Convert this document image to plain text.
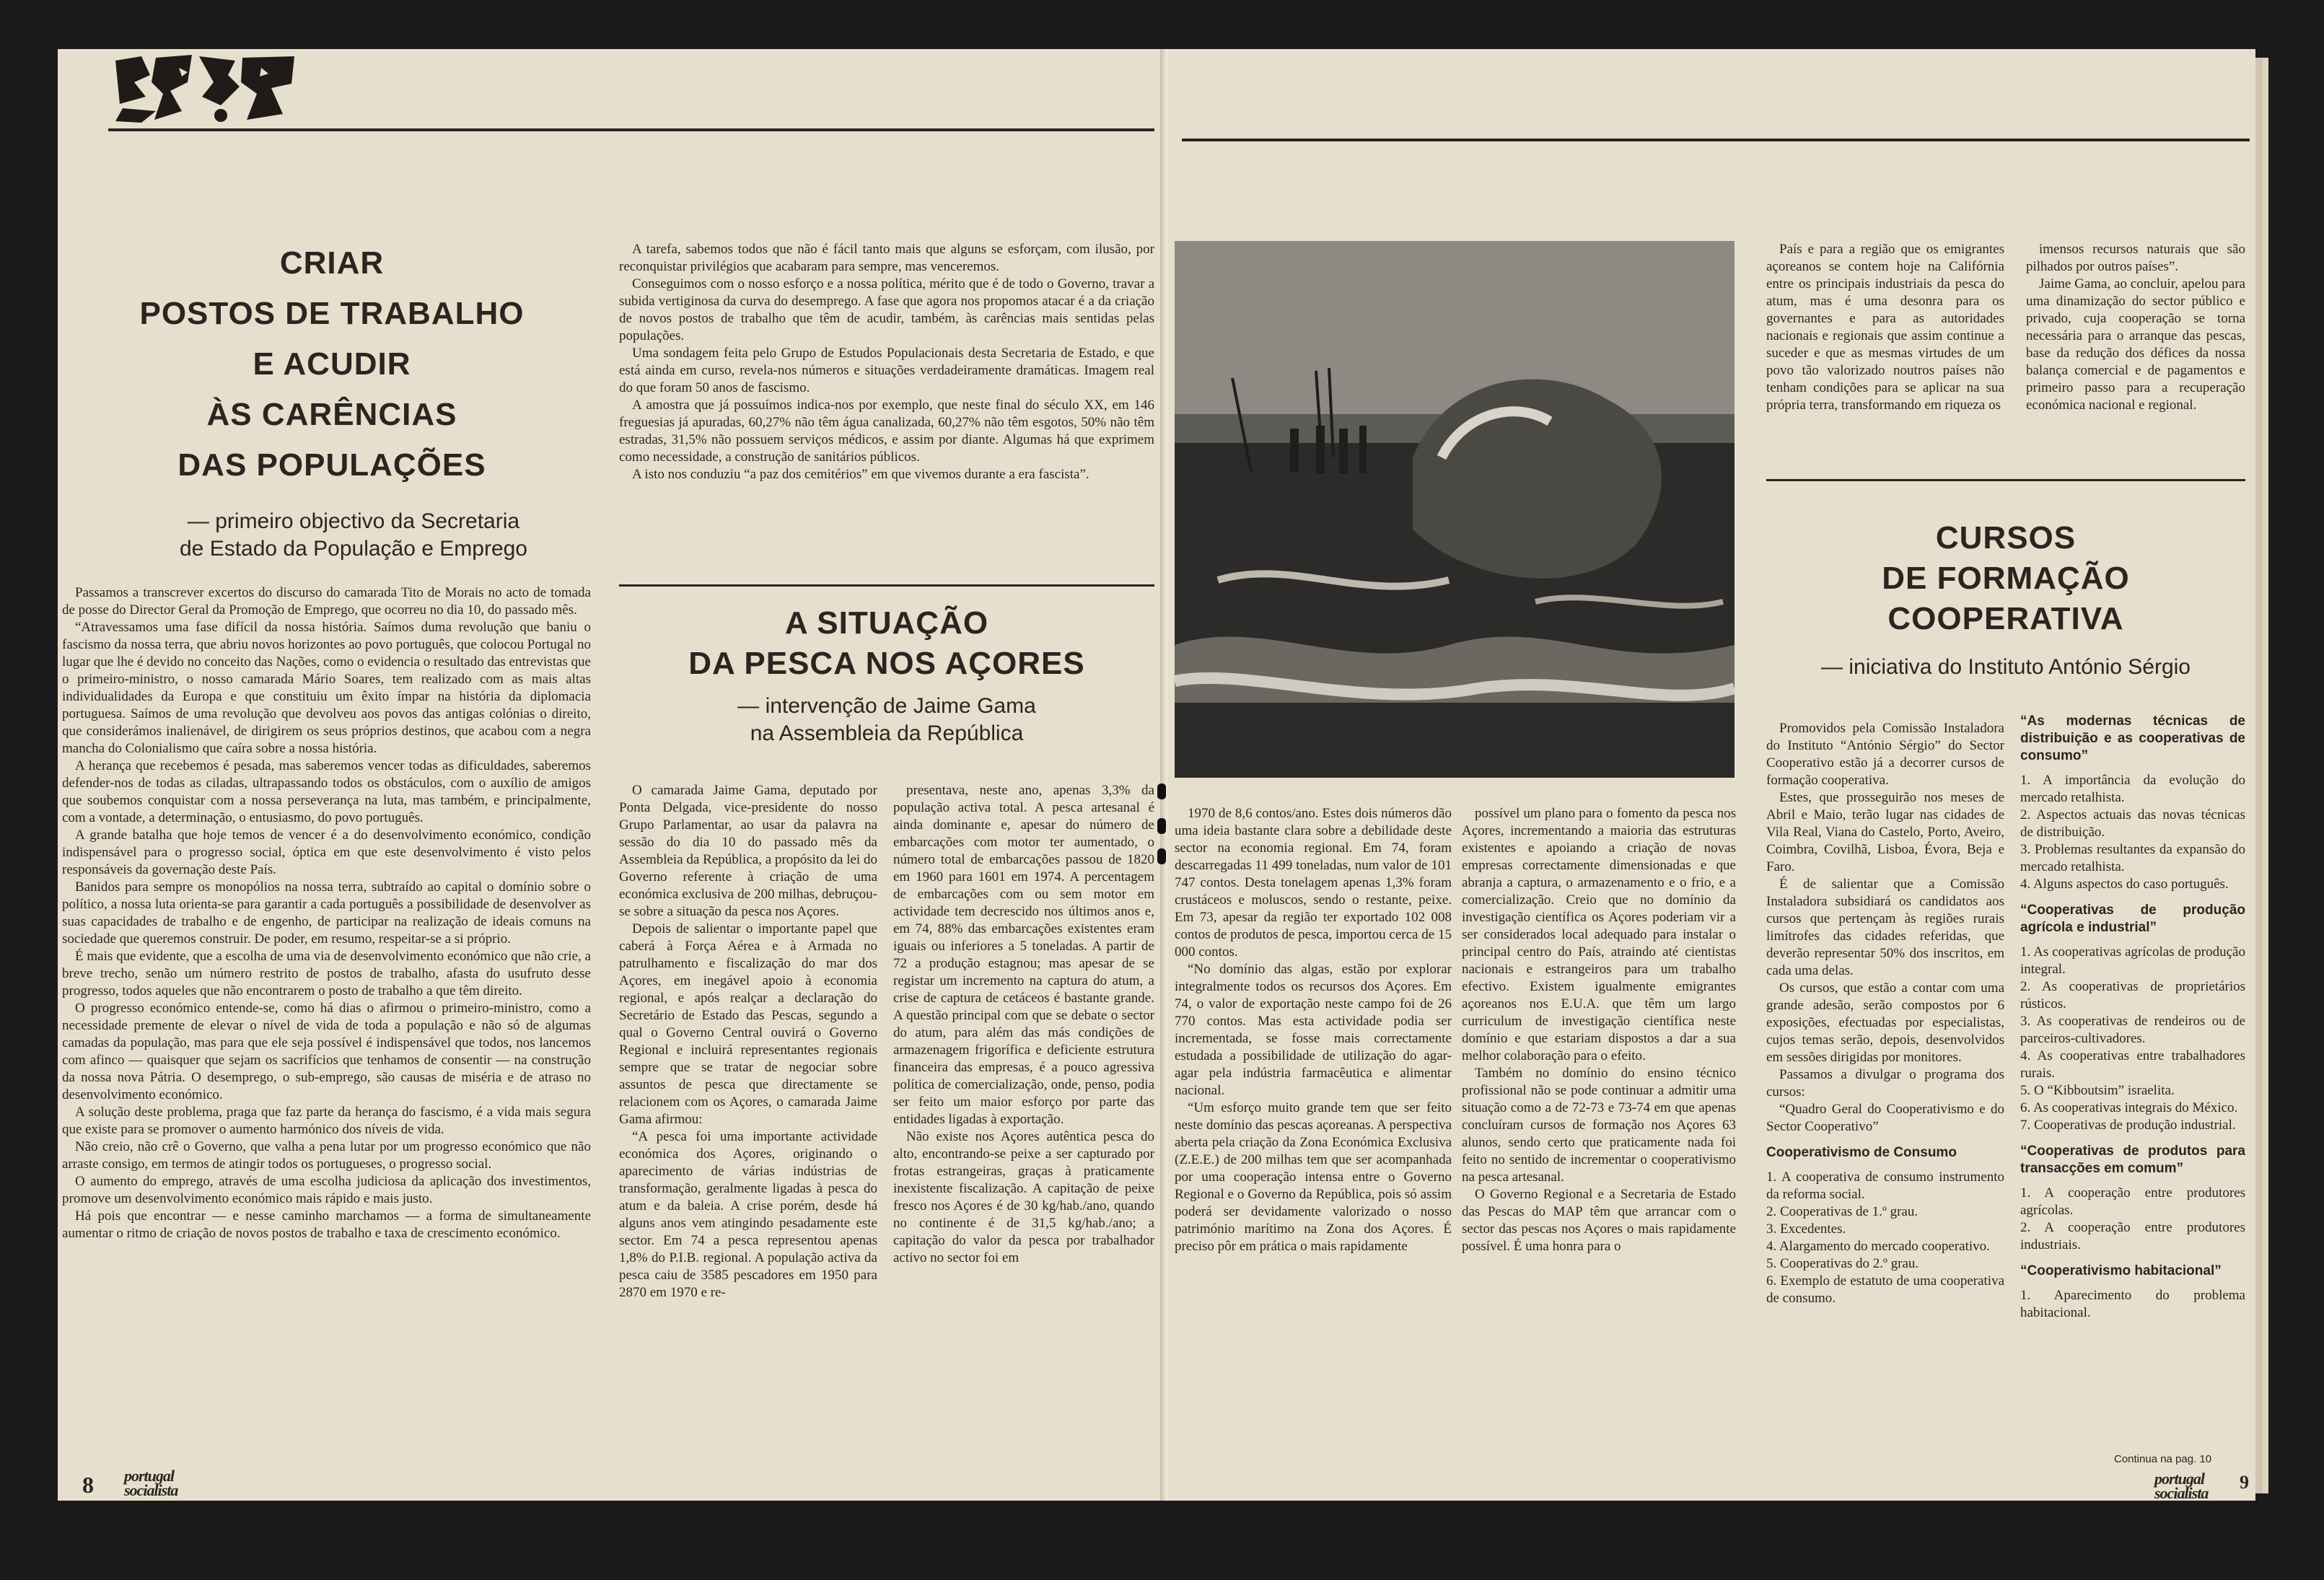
CRIAR
POSTOS DE TRABALHO
E ACUDIR
ÀS CARÊNCIAS
DAS POPULAÇÕES
— primeiro objectivo da Secretaria
de Estado da População e Emprego

Passamos a transcrever excertos do discurso do camarada Tito de Morais no acto de tomada de posse do Director Geral da Promoção de Emprego, que ocorreu no dia 10, do passado mês.

“Atravessamos uma fase difícil da nossa história. Saímos duma revolução que baniu o fascismo da nossa terra, que abriu novos horizontes ao povo português, que colocou Portugal no lugar que lhe é devido no conceito das Nações, como o evidencia o resultado das entrevistas que o primeiro-ministro, o nosso camarada Mário Soares, tem realizado com as mais altas individualidades da Europa e que constituiu um êxito ímpar na história da diplomacia portuguesa. Saímos de uma revolução que devolveu aos povos das antigas colónias o direito, que considerámos inalienável, de dirigirem os seus próprios destinos, que acabou com a negra mancha do Colonialismo que caíra sobre a nossa história.

A herança que recebemos é pesada, mas saberemos vencer todas as dificuldades, saberemos defender-nos de todas as ciladas, ultrapassando todos os obstáculos, com o auxílio de amigos que soubemos conquistar com a nossa perseverança na luta, mas também, e principalmente, com a vontade, a determinação, o entusiasmo, do povo português.

A grande batalha que hoje temos de vencer é a do desenvolvimento económico, condição indispensável para o progresso social, óptica em que este desenvolvimento é visto pelos responsáveis da governação deste País.

Banidos para sempre os monopólios na nossa terra, subtraído ao capital o domínio sobre o político, a nossa luta orienta-se para garantir a cada português a possibilidade de desenvolver as suas capacidades de trabalho e de engenho, de participar na realização de ideais comuns na sociedade que queremos construir. De poder, em resumo, respeitar-se a si próprio.

É mais que evidente, que a escolha de uma via de desenvolvimento económico que não crie, a breve trecho, senão um número restrito de postos de trabalho, afasta do usufruto desse progresso, todos aqueles que não encontrarem o posto de trabalho a que têm direito.

O progresso económico entende-se, como há dias o afirmou o primeiro-ministro, como a necessidade premente de elevar o nível de vida de toda a população e não só de algumas camadas da população, mas para que ele seja possível é indispensável que todos, nos lancemos com afinco — quaisquer que sejam os sacrifícios que tenhamos de consentir — na construção da nossa nova Pátria. O desemprego, o sub-emprego, são causas de miséria e de atraso no desenvolvimento económico.

A solução deste problema, praga que faz parte da herança do fascismo, é a vida mais segura que existe para se promover o aumento harmónico dos níveis de vida.

Não creio, não crê o Governo, que valha a pena lutar por um progresso económico que não arraste consigo, em termos de atingir todos os portugueses, o progresso social.

O aumento do emprego, através de uma escolha judiciosa da aplicação dos investimentos, promove um desenvolvimento económico mais rápido e mais justo.

Há pois que encontrar — e nesse caminho marchamos — a forma de simultaneamente aumentar o ritmo de criação de novos postos de trabalho e taxa de crescimento económico.

A tarefa, sabemos todos que não é fácil tanto mais que alguns se esforçam, com ilusão, por reconquistar privilégios que acabaram para sempre, mas venceremos.

Conseguimos com o nosso esforço e a nossa política, mérito que é de todo o Governo, travar a subida vertiginosa da curva do desemprego. A fase que agora nos propomos atacar é a da criação de novos postos de trabalho que têm de acudir, também, às carências mais sentidas pelas populações.

Uma sondagem feita pelo Grupo de Estudos Populacionais desta Secretaria de Estado, e que está ainda em curso, revela-nos números e situações verdadeiramente dramáticas. Imagem real do que foram 50 anos de fascismo.

A amostra que já possuímos indica-nos por exemplo, que neste final do século XX, em 146 freguesias já apuradas, 60,27% não têm água canalizada, 60,27% não têm esgotos, 50% não têm estradas, 31,5% não possuem serviços médicos, e assim por diante. Algumas há que exprimem como necessidade, a construção de sanitários públicos.

A isto nos conduziu “a paz dos cemitérios” em que vivemos durante a era fascista”.

A SITUAÇÃO
DA PESCA NOS AÇORES
— intervenção de Jaime Gama
na Assembleia da República

O camarada Jaime Gama, deputado por Ponta Delgada, vice-presidente do nosso Grupo Parlamentar, ao usar da palavra na sessão do dia 10 do passado mês da Assembleia da República, a propósito da lei do Governo referente à criação de uma económica exclusiva de 200 milhas, debruçou-se sobre a situação da pesca nos Açores.

Depois de salientar o importante papel que caberá à Força Aérea e à Armada no patrulhamento e fiscalização do mar dos Açores, em inegável apoio à economia regional, e após realçar a declaração do Secretário de Estado das Pescas, segundo a qual o Governo Central ouvirá o Governo Regional e incluirá representantes regionais sempre que se tratar de negociar sobre assuntos de pesca que directamente se relacionem com os Açores, o camarada Jaime Gama afirmou:

“A pesca foi uma importante actividade económica dos Açores, originando o aparecimento de várias indústrias de transformação, geralmente ligadas à pesca do atum e da baleia. A crise porém, desde há alguns anos vem atingindo pesadamente este sector. Em 74 a pesca representou apenas 1,8% do P.I.B. regional. A população activa da pesca caiu de 3585 pescadores em 1950 para 2870 em 1970 e re-

presentava, neste ano, apenas 3,3% da população activa total. A pesca artesanal é ainda dominante e, apesar do número de embarcações com motor ter aumentado, o número total de embarcações passou de 1820 em 1960 para 1601 em 1974. A percentagem de embarcações com ou sem motor em actividade tem decrescido nos últimos anos e, em 74, 88% das embarcações existentes eram iguais ou inferiores a 5 toneladas. A partir de 72 a produção estagnou; mas apesar de se registar um incremento na captura do atum, a crise de captura de cetáceos é bastante grande. A questão principal com que se debate o sector do atum, para além das más condições de armazenagem frigorífica e deficiente estrutura financeira das empresas, é a pouco agressiva política de comercialização, onde, penso, podia ser feito um maior esforço por parte das entidades ligadas à exportação.

Não existe nos Açores autêntica pesca do alto, encontrando-se peixe a ser capturado por frotas estrangeiras, graças à praticamente inexistente fiscalização. A capitação de peixe fresco nos Açores é de 30 kg/hab./ano, quando no continente é de 31,5 kg/hab./ano; a capitação do valor da pesca por trabalhador activo no sector foi em

8 portugal
socialista

1970 de 8,6 contos/ano. Estes dois números dão uma ideia bastante clara sobre a debilidade deste sector na economia regional. Em 74, foram descarregadas 11 499 toneladas, num valor de 101 747 contos. Desta tonelagem apenas 1,3% foram crustáceos e moluscos, sendo o restante, peixe. Em 73, apesar da região ter exportado 102 008 contos de produtos de pesca, importou cerca de 15 000 contos.

“No domínio das algas, estão por explorar integralmente todos os recursos dos Açores. Em 74, o valor de exportação neste campo foi de 26 770 contos. Mas esta actividade podia ser incrementada, se fosse mais correctamente estudada a possibilidade de utilização do agar-agar pela indústria farmacêutica e alimentar nacional.

“Um esforço muito grande tem que ser feito neste domínio das pescas açoreanas. A perspectiva aberta pela criação da Zona Económica Exclusiva (Z.E.E.) de 200 milhas tem que ser acompanhada por uma cooperação intensa entre o Governo Regional e o Governo da República, pois só assim poderá ser devidamente valorizado o nosso património marítimo na Zona dos Açores. É preciso pôr em prática o mais rapidamente

possível um plano para o fomento da pesca nos Açores, incrementando a maioria das estruturas existentes e apoiando a criação de novas empresas correctamente dimensionadas e que abranja a captura, o armazenamento e o frio, e a comercialização. Creio que no domínio da investigação científica os Açores poderiam vir a ser considerados local adequado para instalar o principal centro do País, atraindo até cientistas nacionais e estrangeiros para um trabalho efectivo. Existem igualmente emigrantes açoreanos nos E.U.A. que têm um largo curriculum de investigação científica neste domínio e que estariam dispostos a dar a sua melhor colaboração para o efeito.

Também no domínio do ensino técnico profissional não se pode continuar a admitir uma situação como a de 72-73 e 73-74 em que apenas concluíram cursos de formação nos Açores 63 alunos, sendo certo que praticamente nada foi feito no sentido de incrementar o cooperativismo na pesca artesanal.

O Governo Regional e a Secretaria de Estado das Pescas do MAP têm que arrancar com o sector das pescas nos Açores o mais rapidamente possível. É uma honra para o

País e para a região que os emigrantes açoreanos se contem hoje na Califórnia entre os principais industriais da pesca do atum, mas é uma desonra para os governantes e para as autoridades nacionais e regionais que assim continue a suceder e que as mesmas virtudes de um povo tão valorizado noutros países não tenham condições para se aplicar na sua própria terra, transformando em riqueza os

imensos recursos naturais que são pilhados por outros países”.

Jaime Gama, ao concluir, apelou para uma dinamização do sector público e privado, cuja cooperação se torna necessária para o arranque das pescas, base da redução dos défices da nossa balança comercial e de pagamentos e primeiro passo para a recuperação económica nacional e regional.

CURSOS
DE FORMAÇÃO
COOPERATIVA
— iniciativa do Instituto António Sérgio

Promovidos pela Comissão Instaladora do Instituto “António Sérgio” do Sector Cooperativo estão já a decorrer cursos de formação cooperativa.

Estes, que prosseguirão nos meses de Abril e Maio, terão lugar nas cidades de Vila Real, Viana do Castelo, Porto, Aveiro, Coimbra, Covilhã, Lisboa, Évora, Beja e Faro.

É de salientar que a Comissão Instaladora subsidiará os candidatos aos cursos que pertençam às regiões rurais limítrofes das cidades referidas, que deverão representar 50% dos inscritos, em cada uma delas.

Os cursos, que estão a contar com uma grande adesão, serão compostos por 6 exposições, efectuadas por especialistas, cujos temas serão, depois, desenvolvidos em sessões dirigidas por monitores.

Passamos a divulgar o programa dos cursos:

“Quadro Geral do Cooperativismo e do Sector Cooperativo”

Cooperativismo de Consumo

1. A cooperativa de consumo instrumento da reforma social.

2. Cooperativas de 1.º grau.

3. Excedentes.

4. Alargamento do mercado cooperativo.

5. Cooperativas do 2.º grau.

6. Exemplo de estatuto de uma cooperativa de consumo.

“As modernas técnicas de distribuição e as cooperativas de consumo”

1. A importância da evolução do mercado retalhista.

2. Aspectos actuais das novas técnicas de distribuição.

3. Problemas resultantes da expansão do mercado retalhista.

4. Alguns aspectos do caso português.

“Cooperativas de produção agrícola e industrial”

1. As cooperativas agrícolas de produção integral.

2. As cooperativas de proprietários rústicos.

3. As cooperativas de rendeiros ou de parceiros-cultivadores.

4. As cooperativas entre trabalhadores rurais.

5. O “Kibboutsim” israelita.

6. As cooperativas integrais do México.

7. Cooperativas de produção industrial.

“Cooperativas de produtos para transacções em comum”

1. A cooperação entre produtores agrícolas.

2. A cooperação entre produtores industriais.

“Cooperativismo habitacional”

1. Aparecimento do problema habitacional.

Continua na pag. 10
portugal
socialista
9
